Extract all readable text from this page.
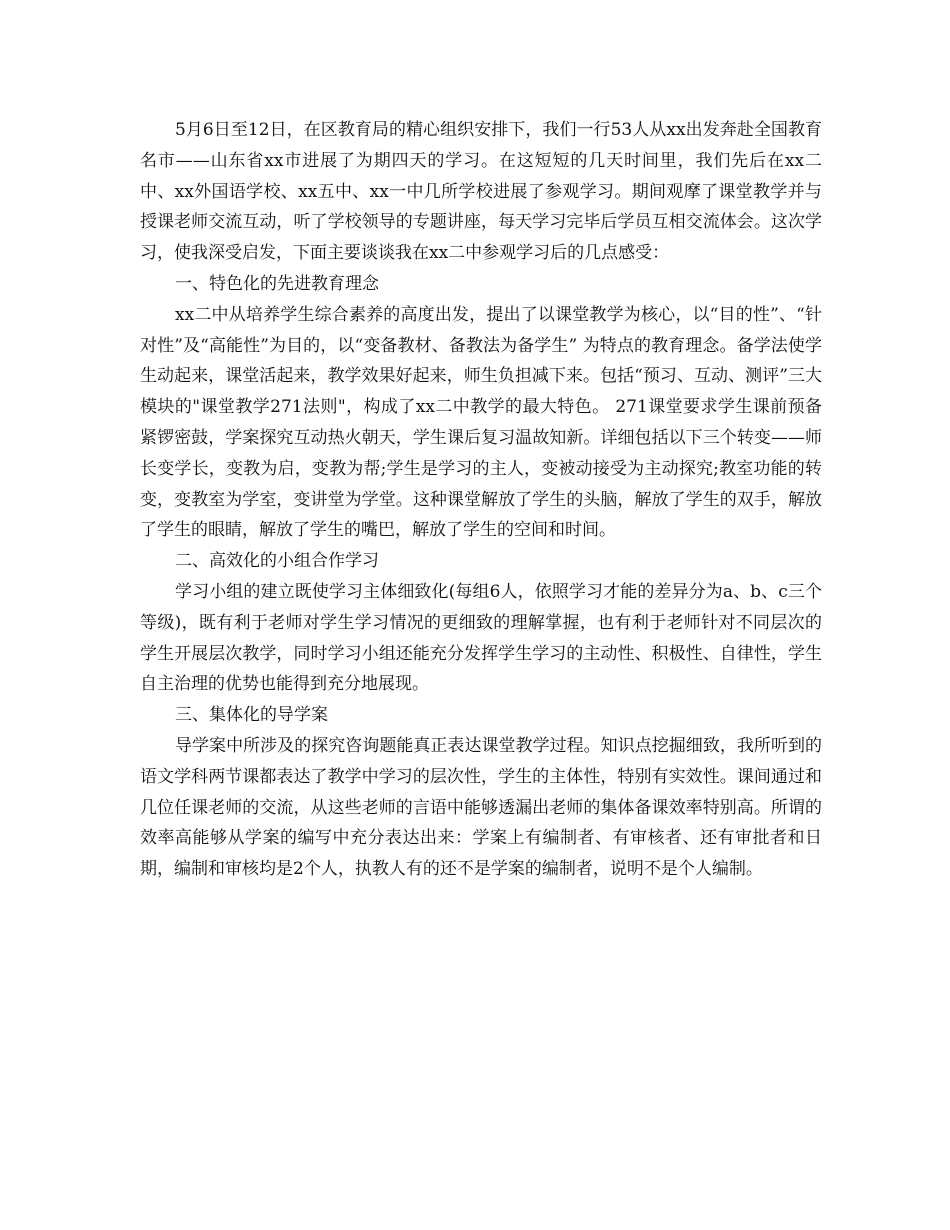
5月6日至12日，在区教育局的精心组织安排下，我们一行53人从xx出发奔赴全国教育名市——山东省xx市进展了为期四天的学习。在这短短的几天时间里，我们先后在xx二中、xx外国语学校、xx五中、xx一中几所学校进展了参观学习。期间观摩了课堂教学并与授课老师交流互动，听了学校领导的专题讲座，每天学习完毕后学员互相交流体会。这次学习，使我深受启发，下面主要谈谈我在xx二中参观学习后的几点感受：

一、特色化的先进教育理念

xx二中从培养学生综合素养的高度出发，提出了以课堂教学为核心，以“目的性”、“针对性”及“高能性”为目的，以“变备教材、备教法为备学生” 为特点的教育理念。备学法使学生动起来，课堂活起来，教学效果好起来，师生负担减下来。包括“预习、互动、测评”三大模块的"课堂教学271法则"，构成了xx二中教学的最大特色。 271课堂要求学生课前预备紧锣密鼓，学案探究互动热火朝天，学生课后复习温故知新。详细包括以下三个转变——师长变学长，变教为启，变教为帮;学生是学习的主人，变被动接受为主动探究;教室功能的转变，变教室为学室，变讲堂为学堂。这种课堂解放了学生的头脑，解放了学生的双手，解放了学生的眼睛，解放了学生的嘴巴，解放了学生的空间和时间。

二、高效化的小组合作学习

学习小组的建立既使学习主体细致化(每组6人，依照学习才能的差异分为a、b、c三个等级)，既有利于老师对学生学习情况的更细致的理解掌握，也有利于老师针对不同层次的学生开展层次教学，同时学习小组还能充分发挥学生学习的主动性、积极性、自律性，学生自主治理的优势也能得到充分地展现。

三、集体化的导学案

导学案中所涉及的探究咨询题能真正表达课堂教学过程。知识点挖掘细致，我所听到的语文学科两节课都表达了教学中学习的层次性，学生的主体性，特别有实效性。课间通过和几位任课老师的交流，从这些老师的言语中能够透漏出老师的集体备课效率特别高。所谓的效率高能够从学案的编写中充分表达出来：学案上有编制者、有审核者、还有审批者和日期，编制和审核均是2个人，执教人有的还不是学案的编制者，说明不是个人编制。
